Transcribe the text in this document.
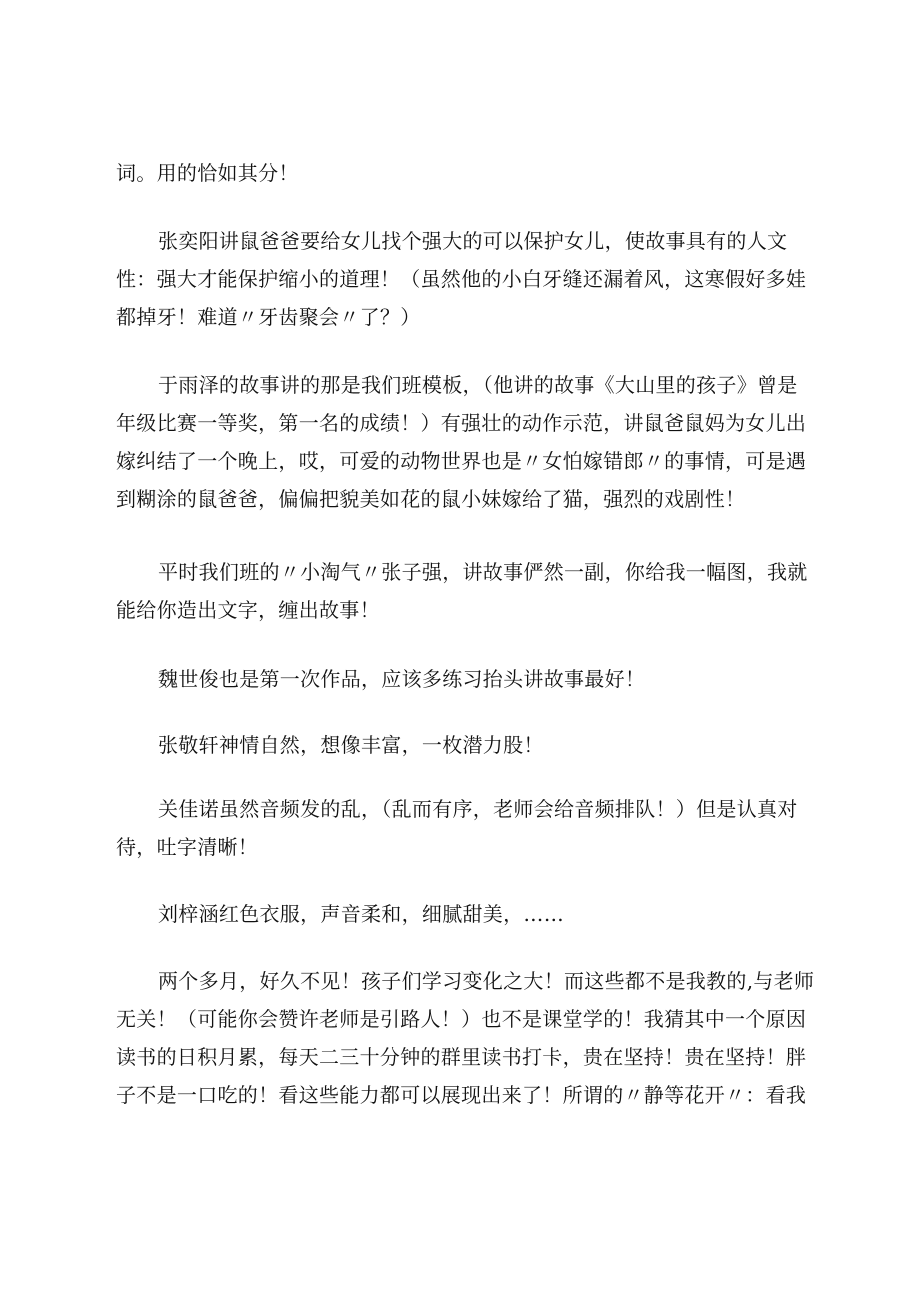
词。用的恰如其分！

张奕阳讲鼠爸爸要给女儿找个强大的可以保护女儿，使故事具有的人文
性：强大才能保护缩小的道理！（虽然他的小白牙缝还漏着风，这寒假好多娃
都掉牙！难道〃牙齿聚会〃了？）

于雨泽的故事讲的那是我们班模板，（他讲的故事《大山里的孩子》曾是
年级比赛一等奖，第一名的成绩！）有强壮的动作示范，讲鼠爸鼠妈为女儿出
嫁纠结了一个晚上，哎，可爱的动物世界也是〃女怕嫁错郎〃的事情，可是遇
到糊涂的鼠爸爸，偏偏把貌美如花的鼠小妹嫁给了猫，强烈的戏剧性！

平时我们班的〃小淘气〃张子强，讲故事俨然一副，你给我一幅图，我就
能给你造出文字，缠出故事！

魏世俊也是第一次作品，应该多练习抬头讲故事最好！

张敬轩神情自然，想像丰富，一枚潜力股！

关佳诺虽然音频发的乱，（乱而有序，老师会给音频排队！）但是认真对
待，吐字清晰！

刘梓涵红色衣服，声音柔和，细腻甜美，……

两个多月，好久不见！孩子们学习变化之大！而这些都不是我教的,与老师
无关！（可能你会赞许老师是引路人！）也不是课堂学的！我猜其中一个原因
读书的日积月累，每天二三十分钟的群里读书打卡，贵在坚持！贵在坚持！胖
子不是一口吃的！看这些能力都可以展现出来了！所谓的〃静等花开〃：看我
